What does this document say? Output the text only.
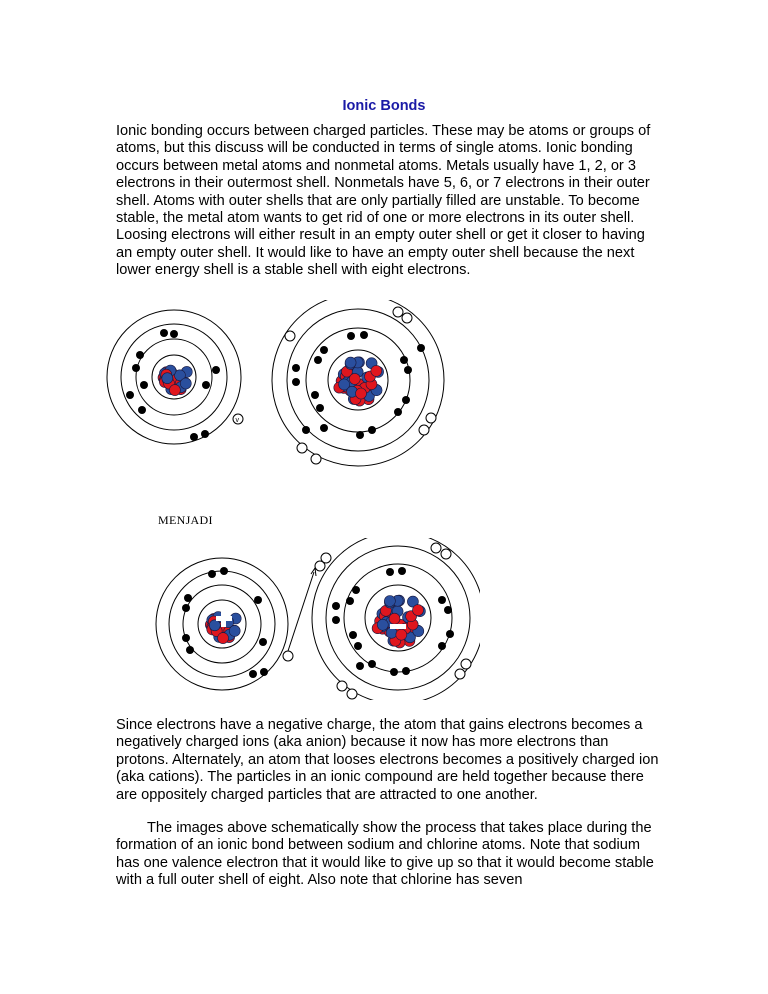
Ionic Bonds

Ionic bonding occurs between charged particles. These may be atoms or groups of atoms, but this discuss will be conducted in terms of single atoms. Ionic bonding occurs between metal atoms and nonmetal atoms. Metals usually have 1, 2, or 3 electrons in their outermost shell. Nonmetals have 5, 6, or 7 electrons in their outer shell. Atoms with outer shells that are only partially filled are unstable. To become stable, the metal atom wants to get rid of one or more electrons in its outer shell. Loosing electrons will either result in an empty outer shell or get it closer to having an empty outer shell. It would like to have an empty outer shell because the next lower energy shell is a stable shell with eight electrons.

v
MENJADI

Since electrons have a negative charge, the atom that gains electrons becomes a negatively charged ions (aka anion) because it now has more electrons than protons. Alternately, an atom that looses electrons becomes a positively charged ion (aka cations). The particles in an ionic compound are held together because there are oppositely charged particles that are attracted to one another.

The images above schematically show the process that takes place during the formation of an ionic bond between sodium and chlorine atoms. Note that sodium has one valence electron that it would like to give up so that it would become stable with a full outer shell of eight. Also note that chlorine has seven
